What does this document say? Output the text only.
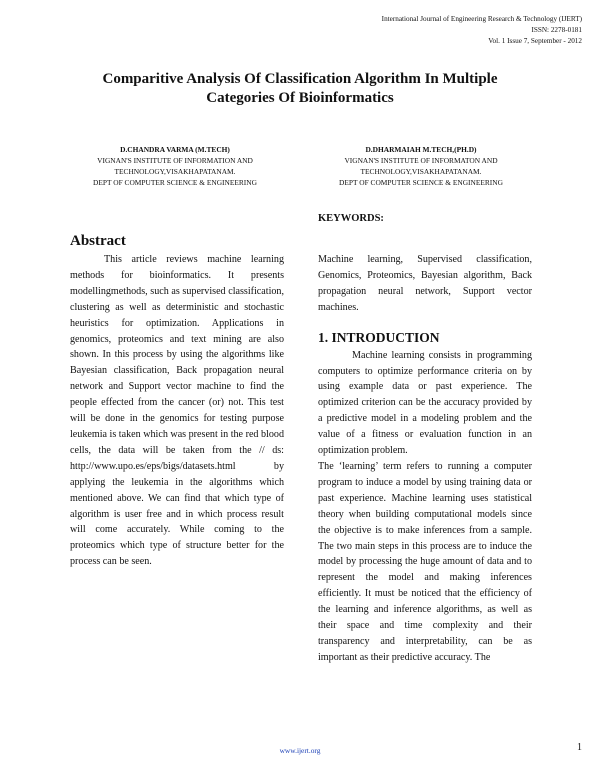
International Journal of Engineering Research & Technology (IJERT)
ISSN: 2278-0181
Vol. 1 Issue 7, September - 2012
Comparitive Analysis Of Classification Algorithm In Multiple
Categories Of Bioinformatics
D.CHANDRA VARMA (M.TECH)
VIGNAN'S INSTITUTE OF INFORMATION AND
TECHNOLOGY,VISAKHAPATANAM.
DEPT OF COMPUTER SCIENCE & ENGINEERING
D.DHARMAIAH M.TECH,(PH.D)
VIGNAN'S INSTITUTE OF INFORMATON AND
TECHNOLOGY,VISAKHAPATANAM.
DEPT OF COMPUTER SCIENCE & ENGINEERING
Abstract

This article reviews machine learning methods for bioinformatics. It presents modellingmethods, such as supervised classification, clustering as well as deterministic and stochastic heuristics for optimization. Applications in genomics, proteomics and text mining are also shown. In this process by using the algorithms like Bayesian classification, Back propagation neural network and Support vector machine to find the people effected from the cancer (or) not. This test will be done in the genomics for testing purpose leukemia is taken which was present in the red blood cells, the data will be taken from the // ds: http://www.upo.es/eps/bigs/datasets.html by applying the leukemia in the algorithms which mentioned above. We can find that which type of algorithm is user free and in which process result will come accurately. While coming to the proteomics which type of structure better for the process can be seen.

KEYWORDS:

Machine learning, Supervised classification, Genomics, Proteomics, Bayesian algorithm, Back propagation neural network, Support vector machines.

1. INTRODUCTION

Machine learning consists in programming computers to optimize performance criteria on by using example data or past experience. The optimized criterion can be the accuracy provided by a predictive model in a modeling problem and the value of a fitness or evaluation function in an optimization problem.

The ‘learning’ term refers to running a computer program to induce a model by using training data or past experience. Machine learning uses statistical theory when building computational models since the objective is to make inferences from a sample. The two main steps in this process are to induce the model by processing the huge amount of data and to represent the model and making inferences efficiently. It must be noticed that the efficiency of the learning and inference algorithms, as well as their space and time complexity and their transparency and interpretability, can be as important as their predictive accuracy. The

www.ijert.org	1
